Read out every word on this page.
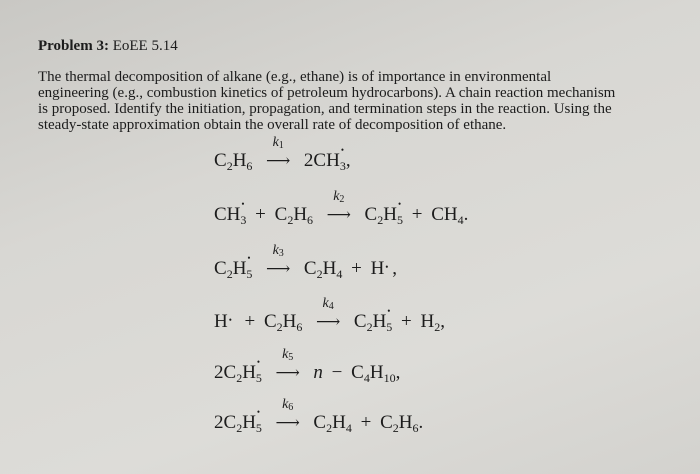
Problem 3: EoEE 5.14

The thermal decomposition of alkane (e.g., ethane) is of importance in environmental
engineering (e.g., combustion kinetics of petroleum hydrocarbons). A chain reaction mechanism
is proposed. Identify the initiation, propagation, and termination steps in the reaction. Using the
steady-state approximation obtain the overall rate of decomposition of ethane.

$C_2H_6$
$k_1$
⟶ 2CH •
$_3$,
CH •
$_3 + C_2H_6$
$k_2$
⟶ $C_2H$ •
$_5 + CH_4$.
$C_2H$ •
$_5$
$k_3$
⟶ $C_2H_4 + H$ • ,
H • + $C_2H_6$
$k_4$
⟶ $C_2H$ •
$_5 + H_2$,
$2C_2H$ •
$_5$
$k_5$
⟶ $n - C_4H_{10}$,
$2C_2H$ •
$_5$
$k_6$
⟶ $C_2H_4 + C_2H_6$.
